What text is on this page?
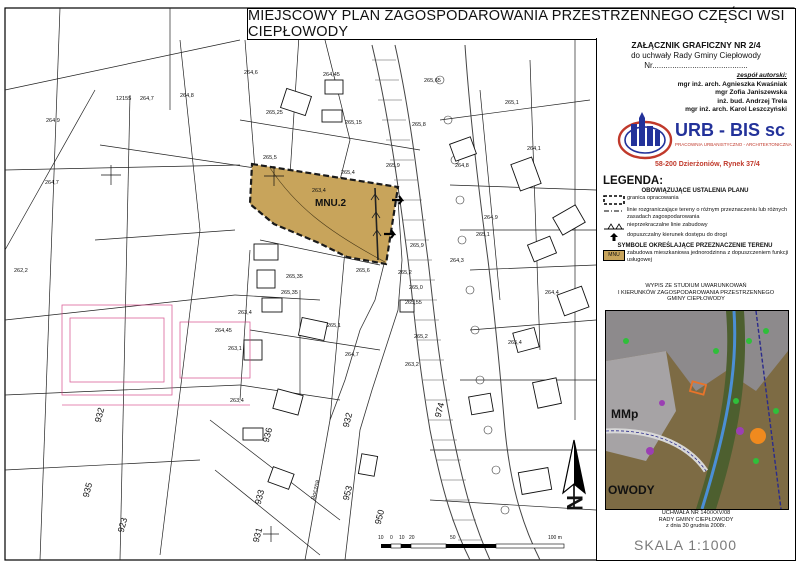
MNU.2
264,9
264,8
264,7
264,6	264,45
265,15
265,4
263,4
265,5
265,35
265,6	265,2
265,9
265,0
265,55
265,2
264,7
264,8
263,4
264,9
265,1
265,35
263,2
263,1
263,4
264,45
262,2
12155 264,7
265,4
265,1
265,65
265,25
264,1
265,8
264,4
265,9
264,3
265,1
932
936
932
935
974
953
923
931
933
950
Boczna
MIEJSCOWY PLAN ZAGOSPODAROWANIA PRZESTRZENNEGO CZĘŚCI WSI CIEPŁOWODY
ZAŁĄCZNIK GRAFICZNY NR 2/4
do uchwały Rady Gminy Ciepłowody
Nr...........................................
zespół autorski:
mgr inż. arch. Agnieszka Kwaśniak
mgr Zofia Janiszewska
inż. bud. Andrzej Trela
mgr inż. arch. Karol Leszczyński
URB - BIS sc
PRACOWNIA URBANISTYCZNO - ARCHITEKTONICZNA
58-200 Dzierżoniów, Rynek 37/4
LEGENDA:
OBOWIĄZUJĄCE USTALENIA PLANU
granica opracowania
linie rozgraniczające tereny o różnym przeznaczeniu lub różnych zasadach zagospodarowania
nieprzekraczalne linie zabudowy
dopuszczalny kierunek dostępu do drogi
SYMBOLE OKREŚLAJĄCE PRZEZNACZENIE TERENU
MNU	zabudowa mieszkaniowa jednorodzinna z dopuszczeniem funkcji usługowej
WYPIS ZE STUDIUM UWARUNKOWAŃ
I KIERUNKÓW ZAGOSPODAROWANIA PRZESTRZENNEGO
GMINY CIEPŁOWODY
MMp
OWODY
UCHWAŁA NR 140/XXV/08
RADY GMINY CIEPŁOWODY
z dnia 30 grudnia 2008r.
N
10 0 10 20	50	100 m	SKALA 1:1000
